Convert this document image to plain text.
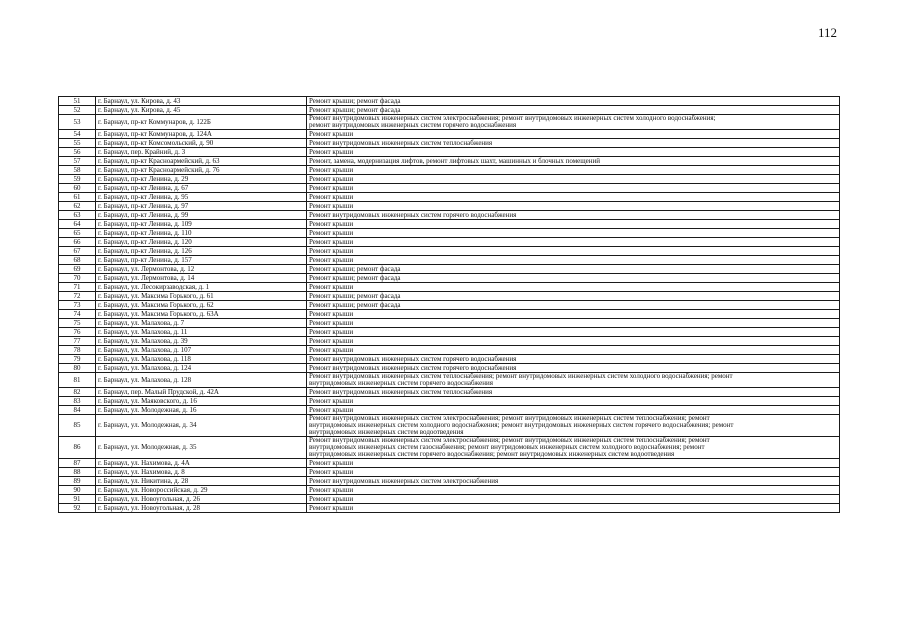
112
51	г. Барнаул, ул. Кирова, д. 43	Ремонт крыши; ремонт фасада

52	г. Барнаул, ул. Кирова, д. 45	Ремонт крыши; ремонт фасада

53	г. Барнаул, пр-кт Коммунаров, д. 122Б	Ремонт внутридомовых инженерных систем электроснабжения; ремонт внутридомовых инженерных систем холодного водоснабжения;
ремонт внутридомовых инженерных систем горячего водоснабжения

54	г. Барнаул, пр-кт Коммунаров, д. 124А	Ремонт крыши

55	г. Барнаул, пр-кт Комсомольский, д. 90	Ремонт внутридомовых инженерных систем теплоснабжения

56	г. Барнаул, пер. Крайний, д. 3	Ремонт крыши

57	г. Барнаул, пр-кт Красноармейский, д. 63	Ремонт, замена, модернизация лифтов, ремонт лифтовых шахт, машинных и блочных помещений

58	г. Барнаул, пр-кт Красноармейский, д. 76	Ремонт крыши

59	г. Барнаул, пр-кт Ленина, д. 29	Ремонт крыши

60	г. Барнаул, пр-кт Ленина, д. 67	Ремонт крыши

61	г. Барнаул, пр-кт Ленина, д. 95	Ремонт крыши

62	г. Барнаул, пр-кт Ленина, д. 97	Ремонт крыши

63	г. Барнаул, пр-кт Ленина, д. 99	Ремонт внутридомовых инженерных систем горячего водоснабжения

64	г. Барнаул, пр-кт Ленина, д. 109	Ремонт крыши

65	г. Барнаул, пр-кт Ленина, д. 110	Ремонт крыши

66	г. Барнаул, пр-кт Ленина, д. 120	Ремонт крыши

67	г. Барнаул, пр-кт Ленина, д. 126	Ремонт крыши

68	г. Барнаул, пр-кт Ленина, д. 157	Ремонт крыши

69	г. Барнаул, ул. Лермонтова, д. 12	Ремонт крыши; ремонт фасада

70	г. Барнаул, ул. Лермонтова, д. 14	Ремонт крыши; ремонт фасада

71	г. Барнаул, ул. Лесокирзаводская, д. 1	Ремонт крыши

72	г. Барнаул, ул. Максима Горького, д. 61	Ремонт крыши; ремонт фасада

73	г. Барнаул, ул. Максима Горького, д. 62	Ремонт крыши; ремонт фасада

74	г. Барнаул, ул. Максима Горького, д. 63А	Ремонт крыши

75	г. Барнаул, ул. Малахова, д. 7	Ремонт крыши

76	г. Барнаул, ул. Малахова, д. 11	Ремонт крыши

77	г. Барнаул, ул. Малахова, д. 39	Ремонт крыши

78	г. Барнаул, ул. Малахова, д. 107	Ремонт крыши

79	г. Барнаул, ул. Малахова, д. 118	Ремонт внутридомовых инженерных систем горячего водоснабжения

80	г. Барнаул, ул. Малахова, д. 124	Ремонт внутридомовых инженерных систем горячего водоснабжения

81	г. Барнаул, ул. Малахова, д. 128	Ремонт внутридомовых инженерных систем теплоснабжения; ремонт внутридомовых инженерных систем холодного водоснабжения; ремонт
внутридомовых инженерных систем горячего водоснабжения

82	г. Барнаул, пер. Малый Прудской, д. 42А	Ремонт внутридомовых инженерных систем теплоснабжения

83	г. Барнаул, ул. Маяковского, д. 16	Ремонт крыши

84	г. Барнаул, ул. Молодежная, д. 16	Ремонт крыши

85	г. Барнаул, ул. Молодежная, д. 34	Ремонт внутридомовых инженерных систем электроснабжения; ремонт внутридомовых инженерных систем теплоснабжения; ремонт
внутридомовых инженерных систем холодного водоснабжения; ремонт внутридомовых инженерных систем горячего водоснабжения; ремонт
внутридомовых инженерных систем водоотведения

86	г. Барнаул, ул. Молодежная, д. 35	Ремонт внутридомовых инженерных систем электроснабжения; ремонт внутридомовых инженерных систем теплоснабжения; ремонт
внутридомовых инженерных систем газоснабжения; ремонт внутридомовых инженерных систем холодного водоснабжения; ремонт
внутридомовых инженерных систем горячего водоснабжения; ремонт внутридомовых инженерных систем водоотведения

87	г. Барнаул, ул. Нахимова, д. 4А	Ремонт крыши

88	г. Барнаул, ул. Нахимова, д. 8	Ремонт крыши

89	г. Барнаул, ул. Никитина, д. 28	Ремонт внутридомовых инженерных систем электроснабжения

90	г. Барнаул, ул. Новороссийская, д. 29	Ремонт крыши

91	г. Барнаул, ул. Новоугольная, д. 26	Ремонт крыши

92	г. Барнаул, ул. Новоугольная, д. 28	Ремонт крыши
